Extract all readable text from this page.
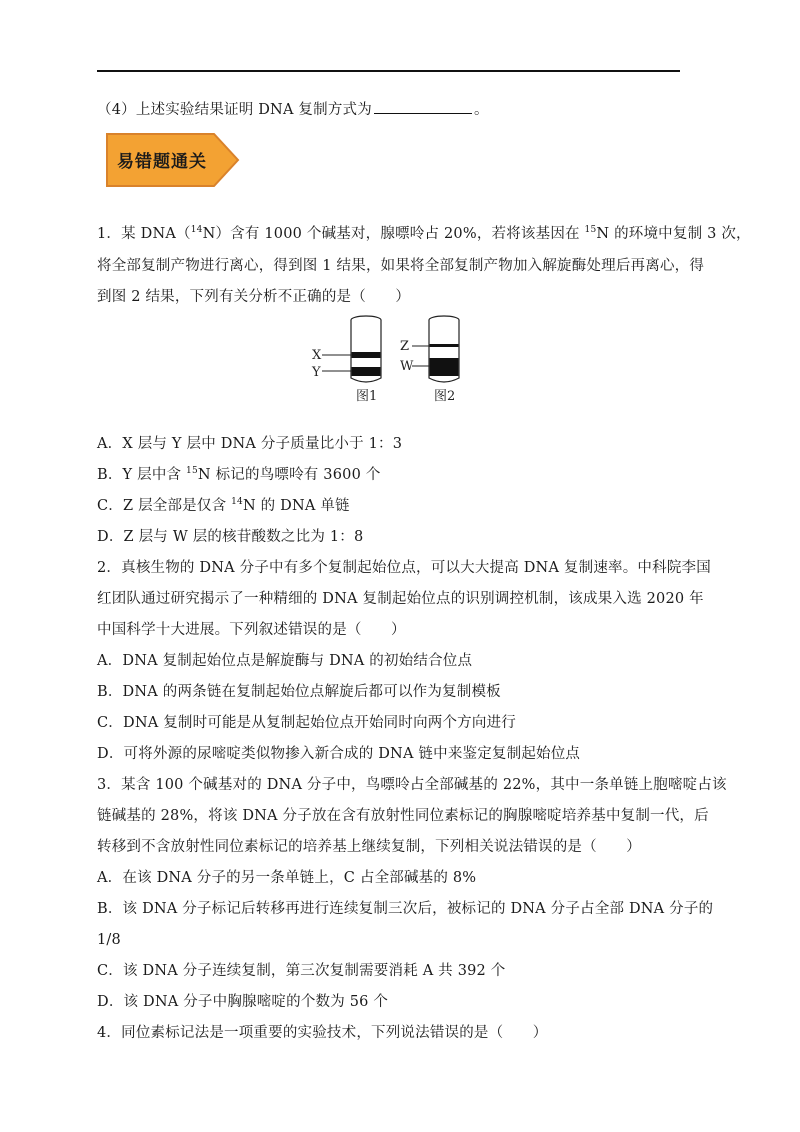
（4）上述实验结果证明 DNA 复制方式为	。
易错题通关
1．某 DNA（$^{14}$N）含有 1000 个碱基对，腺嘌呤占 20%，若将该基因在 $^{15}$N 的环境中复制 3 次，
将全部复制产物进行离心，得到图 1 结果，如果将全部复制产物加入解旋酶处理后再离心，得
到图 2 结果，下列有关分析不正确的是（　　）
X
Y
图1
Z
W
图2
A．X 层与 Y 层中 DNA 分子质量比小于 1：3
B．Y 层中含 $^{15}$N 标记的鸟嘌呤有 3600 个
C．Z 层全部是仅含 $^{14}$N 的 DNA 单链
D．Z 层与 W 层的核苷酸数之比为 1：8
2．真核生物的 DNA 分子中有多个复制起始位点，可以大大提高 DNA 复制速率。中科院李国
红团队通过研究揭示了一种精细的 DNA 复制起始位点的识别调控机制，该成果入选 2020 年
中国科学十大进展。下列叙述错误的是（　　）
A．DNA 复制起始位点是解旋酶与 DNA 的初始结合位点
B．DNA 的两条链在复制起始位点解旋后都可以作为复制模板
C．DNA 复制时可能是从复制起始位点开始同时向两个方向进行
D．可将外源的尿嘧啶类似物掺入新合成的 DNA 链中来鉴定复制起始位点
3．某含 100 个碱基对的 DNA 分子中，鸟嘌呤占全部碱基的 22%，其中一条单链上胞嘧啶占该
链碱基的 28%，将该 DNA 分子放在含有放射性同位素标记的胸腺嘧啶培养基中复制一代，后
转移到不含放射性同位素标记的培养基上继续复制，下列相关说法错误的是（　　）
A．在该 DNA 分子的另一条单链上，C 占全部碱基的 8%
B．该 DNA 分子标记后转移再进行连续复制三次后，被标记的 DNA 分子占全部 DNA 分子的
1/8
C．该 DNA 分子连续复制，第三次复制需要消耗 A 共 392 个
D．该 DNA 分子中胸腺嘧啶的个数为 56 个
4．同位素标记法是一项重要的实验技术，下列说法错误的是（　　）
